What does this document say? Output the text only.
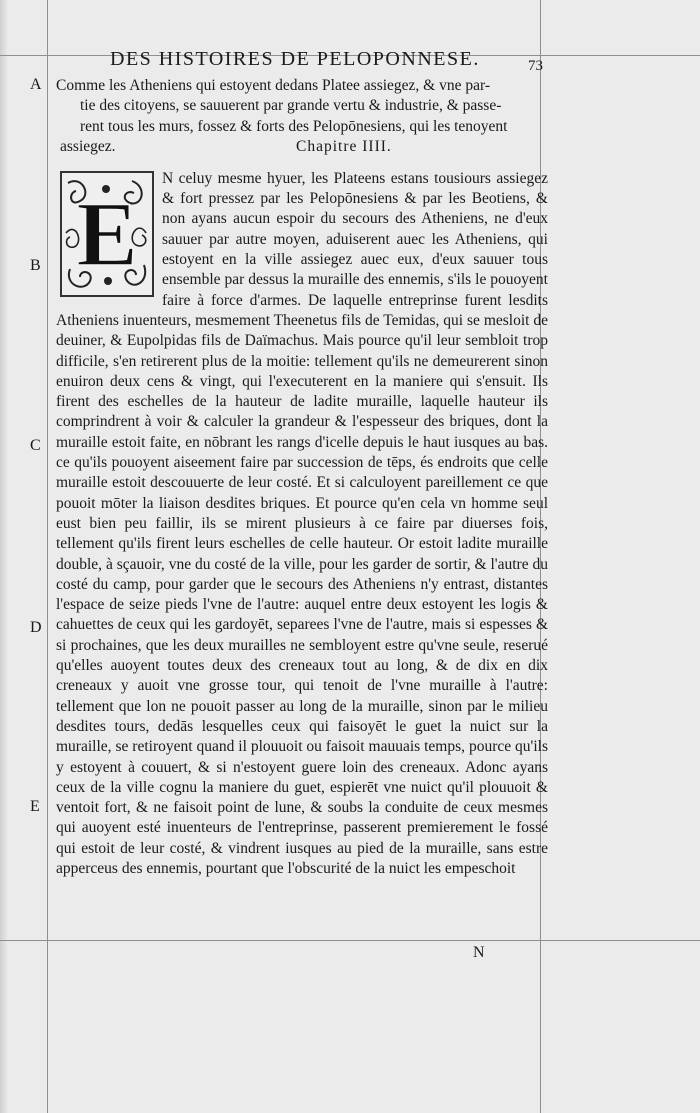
DES HISTOIRES DE PELOPONNESE.	73
A
B
C
D
E
Comme les Atheniens qui estoyent dedans Platee assiegez, & vne par-
tie des citoyens, se sauuerent par grande vertu & industrie, & passe-
rent tous les murs, fossez & forts des Pelopōnesiens, qui les tenoyent
assiegez.	Chapitre IIII.
E
N celuy mesme hyuer, les Plateens estans tousiours assiegez & fort pressez par les Pelopōnesiens & par les Beotiens, & non ayans aucun espoir du secours des Atheniens, ne d'eux sauuer par autre moyen, aduiserent auec les Atheniens, qui estoyent en la ville assiegez auec eux, d'eux sauuer tous ensemble par dessus la muraille des ennemis, s'ils le pouoyent faire à force d'armes. De laquelle entreprinse furent lesdits Atheniens inuenteurs, mesmement Theenetus fils de Temidas, qui se mesloit de deuiner, & Eupolpidas fils de Daïmachus. Mais pource qu'il leur sembloit trop difficile, s'en retirerent plus de la moitie: tellement qu'ils ne demeurerent sinon enuiron deux cens & vingt, qui l'executerent en la maniere qui s'ensuit. Ils firent des eschelles de la hauteur de ladite muraille, laquelle hauteur ils comprindrent à voir & calculer la grandeur & l'espesseur des briques, dont la muraille estoit faite, en nōbrant les rangs d'icelle depuis le haut iusques au bas. ce qu'ils pouoyent aiseement faire par succession de tēps, és endroits que celle muraille estoit descouuerte de leur costé. Et si calculoyent pareillement ce que pouoit mōter la liaison desdites briques. Et pource qu'en cela vn homme seul eust bien peu faillir, ils se mirent plusieurs à ce faire par diuerses fois, tellement qu'ils firent leurs eschelles de celle hauteur. Or estoit ladite muraille double, à sçauoir, vne du costé de la ville, pour les garder de sortir, & l'autre du costé du camp, pour garder que le secours des Atheniens n'y entrast, distantes l'espace de seize pieds l'vne de l'autre: auquel entre deux estoyent les logis & cahuettes de ceux qui les gardoyēt, separees l'vne de l'autre, mais si espesses & si prochaines, que les deux murailles ne sembloyent estre qu'vne seule, reserué qu'elles auoyent toutes deux des creneaux tout au long, & de dix en dix creneaux y auoit vne grosse tour, qui tenoit de l'vne muraille à l'autre: tellement que lon ne pouoit passer au long de la muraille, sinon par le milieu desdites tours, dedās lesquelles ceux qui faisoyēt le guet la nuict sur la muraille, se retiroyent quand il plouuoit ou faisoit mauuais temps, pource qu'ils y estoyent à couuert, & si n'estoyent guere loin des creneaux. Adonc ayans ceux de la ville cognu la maniere du guet, espierēt vne nuict qu'il plouuoit & ventoit fort, & ne faisoit point de lune, & soubs la conduite de ceux mesmes qui auoyent esté inuenteurs de l'entreprinse, passerent premierement le fossé qui estoit de leur costé, & vindrent iusques au pied de la muraille, sans estre apperceus des ennemis, pourtant que l'obscurité de la nuict les empeschoit
N
